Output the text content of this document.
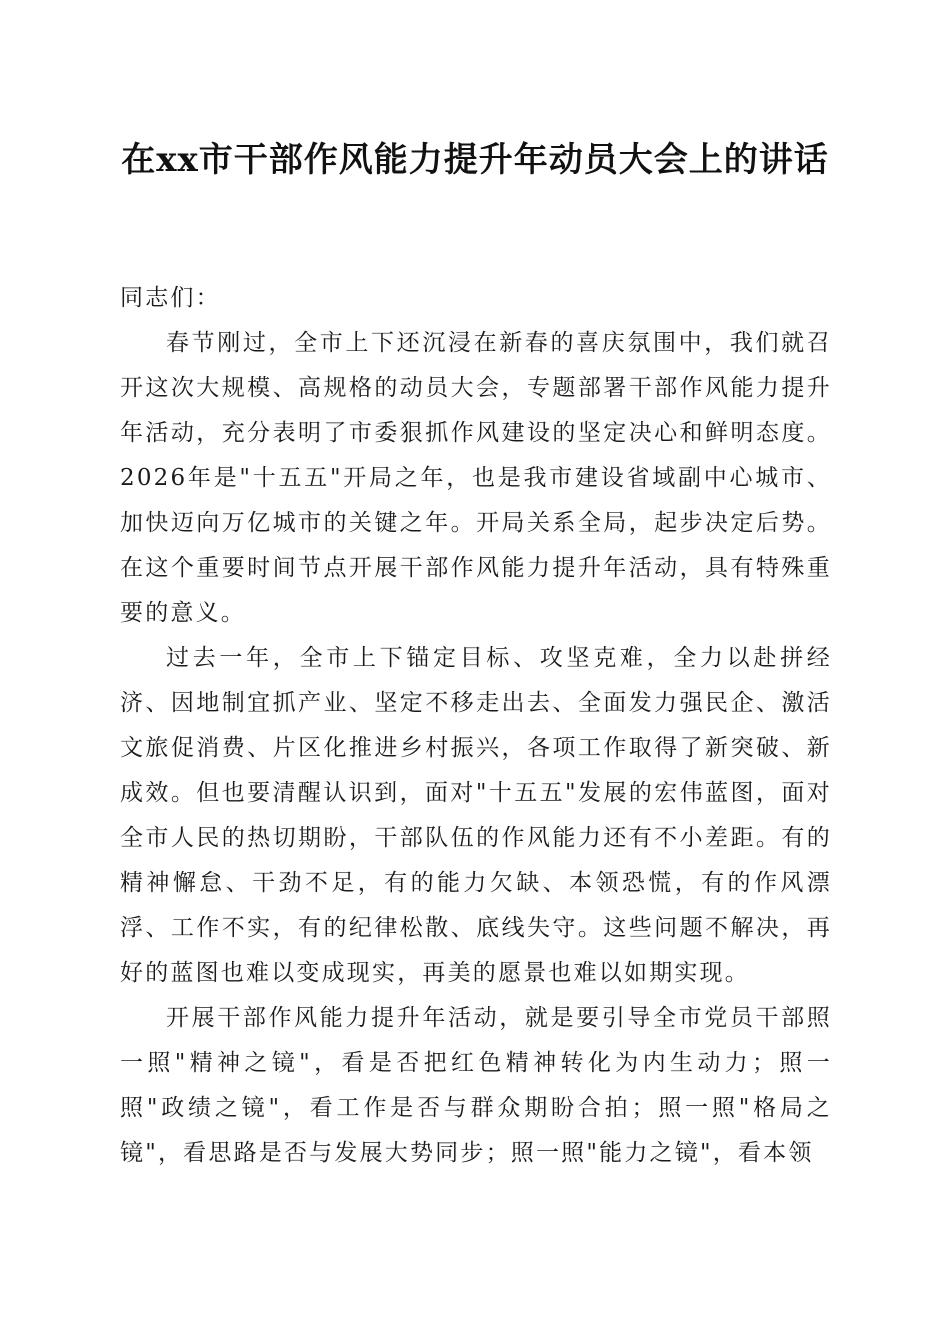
在xx市干部作风能力提升年动员大会上的讲话

同志们：

春节刚过，全市上下还沉浸在新春的喜庆氛围中，我们就召开这次大规模、高规格的动员大会，专题部署干部作风能力提升年活动，充分表明了市委狠抓作风建设的坚定决心和鲜明态度。2026年是"十五五"开局之年，也是我市建设省域副中心城市、加快迈向万亿城市的关键之年。开局关系全局，起步决定后势。在这个重要时间节点开展干部作风能力提升年活动，具有特殊重要的意义。

过去一年，全市上下锚定目标、攻坚克难，全力以赴拼经济、因地制宜抓产业、坚定不移走出去、全面发力强民企、激活文旅促消费、片区化推进乡村振兴，各项工作取得了新突破、新成效。但也要清醒认识到，面对"十五五"发展的宏伟蓝图，面对全市人民的热切期盼，干部队伍的作风能力还有不小差距。有的精神懈怠、干劲不足，有的能力欠缺、本领恐慌，有的作风漂浮、工作不实，有的纪律松散、底线失守。这些问题不解决，再好的蓝图也难以变成现实，再美的愿景也难以如期实现。

开展干部作风能力提升年活动，就是要引导全市党员干部照一照"精神之镜"，看是否把红色精神转化为内生动力；照一照"政绩之镜"，看工作是否与群众期盼合拍；照一照"格局之镜"，看思路是否与发展大势同步；照一照"能力之镜"，看本领
